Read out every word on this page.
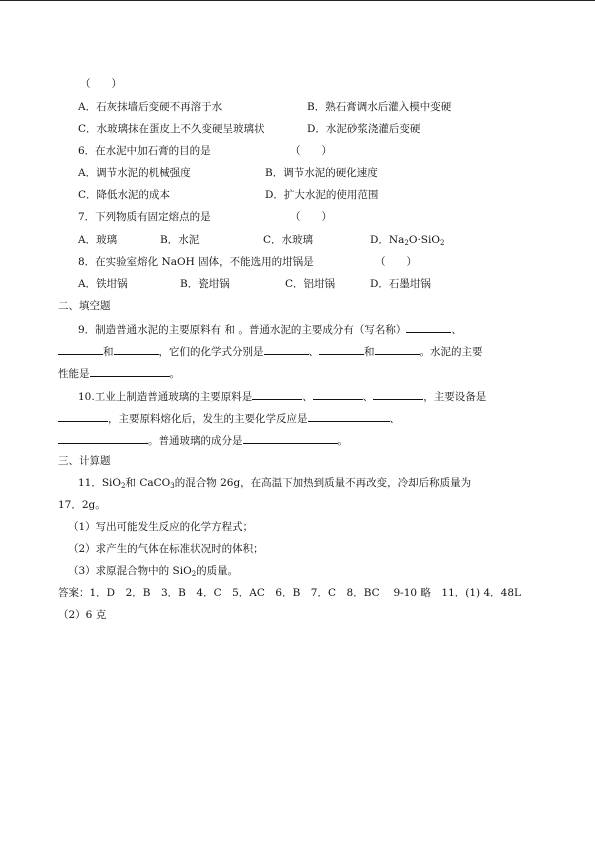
（　　）
A．石灰抹墙后变硬不再溶于水	B．熟石膏调水后灌入模中变硬
C．水玻璃抹在蛋皮上不久变硬呈玻璃状	D．水泥砂浆浇灌后变硬
6．在水泥中加石膏的目的是	（　　）
A．调节水泥的机械强度	B．调节水泥的硬化速度
C．降低水泥的成本	D．扩大水泥的使用范围
7．下列物质有固定熔点的是	（　　）
A．玻璃	B．水泥	C．水玻璃	D．$Na_2O\cdot SiO_2$
8．在实验室熔化 NaOH 固体，不能选用的坩锅是	（　　）
A．铁坩锅	B．瓷坩锅	C．铝坩锅	D．石墨坩锅
二、填空题
9．制造普通水泥的主要原料有 和 。普通水泥的主要成分有（写名称）	、
和	，它们的化学式分别是	、	和	。水泥的主要
性能是	。
10.工业上制造普通玻璃的主要原料是	、	、	，主要设备是
，主要原料熔化后，发生的主要化学反应是	、
。普通玻璃的成分是	。
三、计算题
11．SiO$_2$和 CaCO$_3$的混合物 26g，在高温下加热到质量不再改变，冷却后称质量为
17．2g。
（1）写出可能发生反应的化学方程式；
（2）求产生的气体在标准状况时的体积；
（3）求原混合物中的 SiO$_2$的质量。
答案：1．D　2．B　3．B　4．C　5．AC　6．B　7．C　8．BC　 9-10 略　11．(1) 4．48L
（2）6 克
